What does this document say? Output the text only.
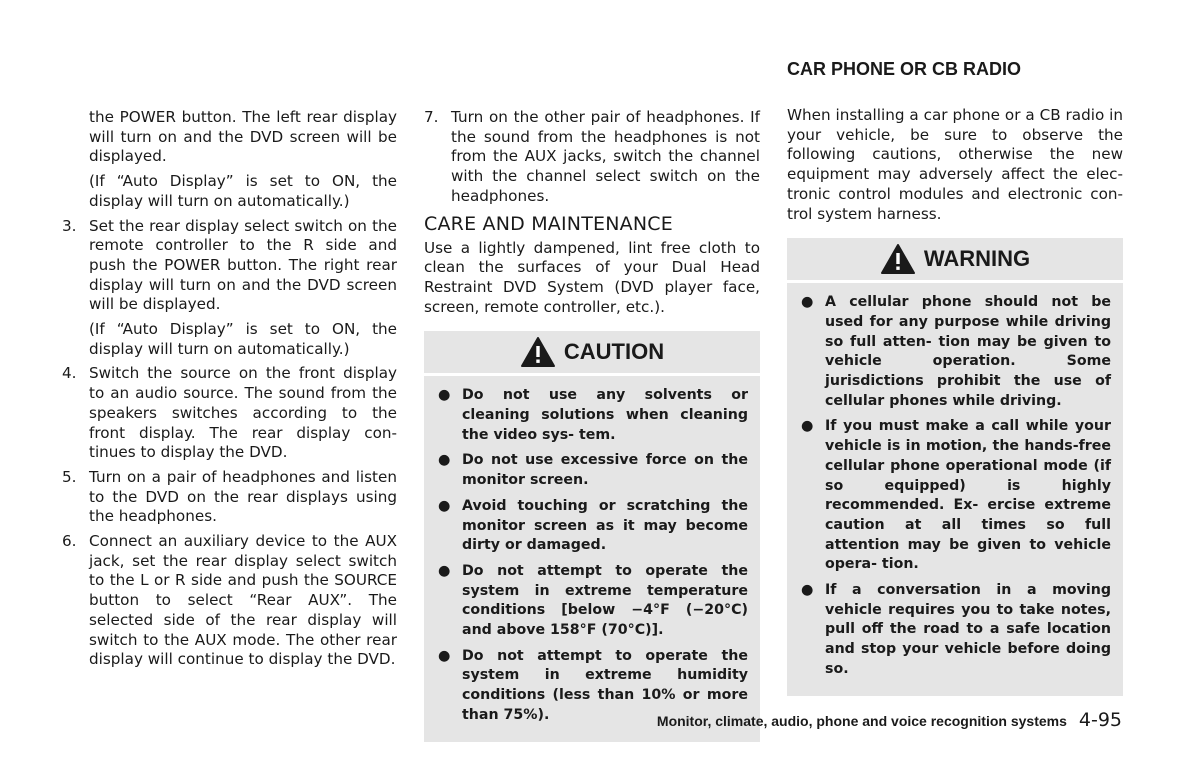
the POWER button. The left rear display will turn on and the DVD screen will be displayed.
(If “Auto Display” is set to ON, the display will turn on automatically.)
3. Set the rear display select switch on the remote controller to the R side and push the POWER button. The right rear display will turn on and the DVD screen will be displayed.
(If “Auto Display” is set to ON, the display will turn on automatically.)
4. Switch the source on the front display to an audio source. The sound from the speakers switches according to the front display. The rear display con- tinues to display the DVD.
5. Turn on a pair of headphones and listen to the DVD on the rear displays using the headphones.
6. Connect an auxiliary device to the AUX jack, set the rear display select switch to the L or R side and push the SOURCE button to select “Rear AUX”. The selected side of the rear display will switch to the AUX mode. The other rear display will continue to display the DVD.
7. Turn on the other pair of headphones. If the sound from the headphones is not from the AUX jacks, switch the channel with the channel select switch on the headphones.
CARE AND MAINTENANCE
Use a lightly dampened, lint free cloth to clean the surfaces of your Dual Head Restraint DVD System (DVD player face, screen, remote controller, etc.).
CAUTION
● Do not use any solvents or cleaning solutions when cleaning the video sys- tem.
● Do not use excessive force on the monitor screen.
● Avoid touching or scratching the monitor screen as it may become dirty or damaged.
● Do not attempt to operate the system in extreme temperature conditions [below −4°F (−20°C) and above 158°F (70°C)].
● Do not attempt to operate the system in extreme humidity conditions (less than 10% or more than 75%).
CAR PHONE OR CB RADIO
When installing a car phone or a CB radio in your vehicle, be sure to observe the following cautions, otherwise the new equipment may adversely affect the elec- tronic control modules and electronic con- trol system harness.
WARNING
● A cellular phone should not be used for any purpose while driving so full atten- tion may be given to vehicle operation. Some jurisdictions prohibit the use of cellular phones while driving.
● If you must make a call while your vehicle is in motion, the hands-free cellular phone operational mode (if so equipped) is highly recommended. Ex- ercise extreme caution at all times so full attention may be given to vehicle opera- tion.
● If a conversation in a moving vehicle requires you to take notes, pull off the road to a safe location and stop your vehicle before doing so.
Monitor, climate, audio, phone and voice recognition systems 4-95
